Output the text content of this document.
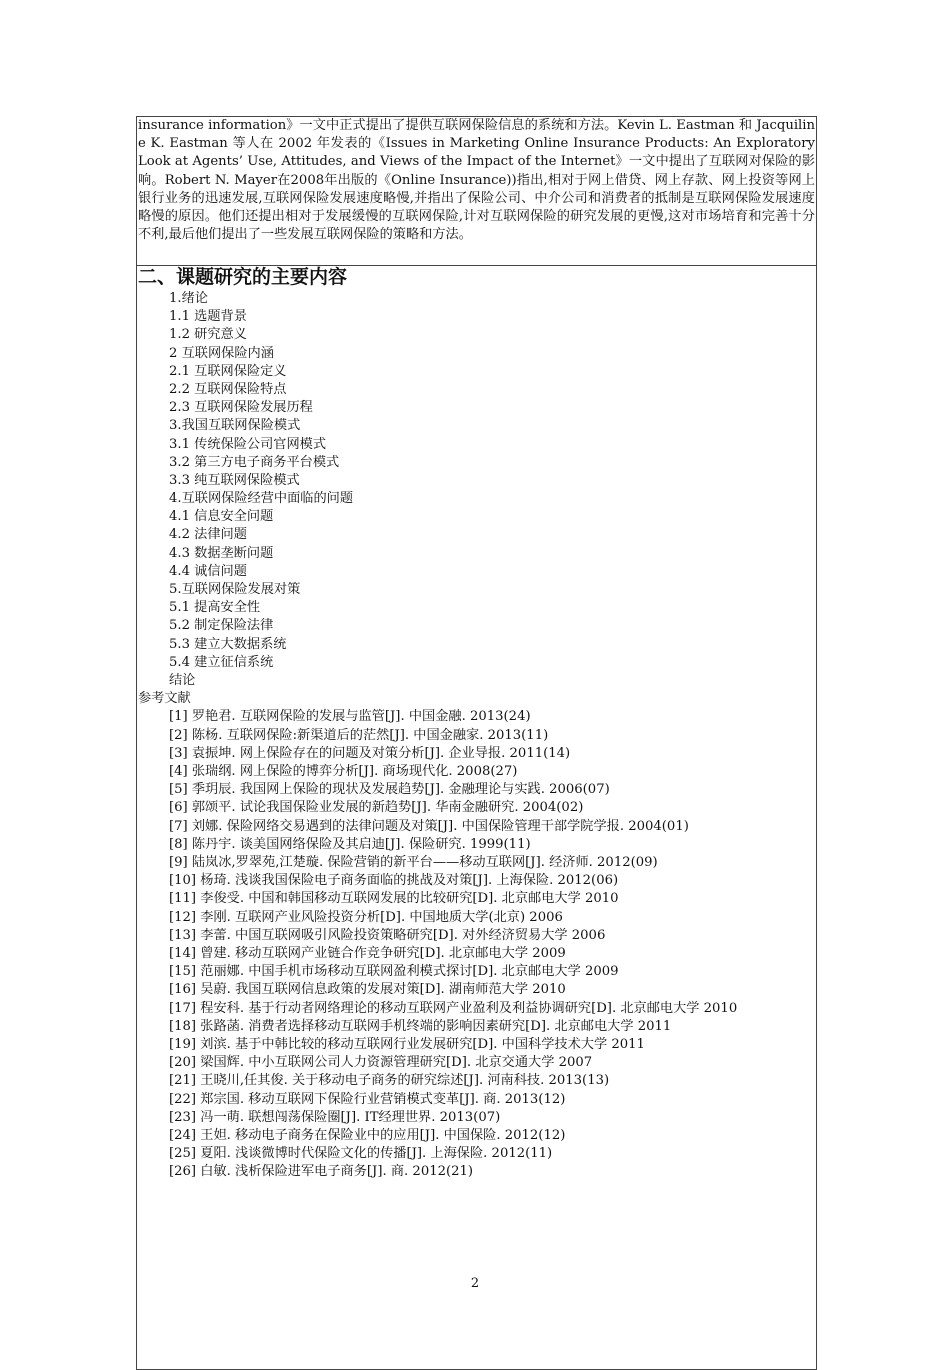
insurance information》一文中正式提出了提供互联网保险信息的系统和方法。Kevin L. Eastman 和 Jacquiline K. Eastman 等人在 2002 年发表的《Issues in Marketing Online Insurance Products: An Exploratory Look at Agents’ Use, Attitudes, and Views of the Impact of the Internet》一文中提出了互联网对保险的影响。Robert N. Mayer在2008年出版的《Online Insurance))指出,相对于网上借贷、网上存款、网上投资等网上银行业务的迅速发展,互联网保险发展速度略慢,并指出了保险公司、中介公司和消费者的抵制是互联网保险发展速度略慢的原因。他们还提出相对于发展缓慢的互联网保险,计对互联网保险的研究发展的更慢,这对市场培育和完善十分不利,最后他们提出了一些发展互联网保险的策略和方法。

二、课题研究的主要内容
1.绪论
1.1 选题背景
1.2 研究意义
2 互联网保险内涵
2.1 互联网保险定义
2.2 互联网保险特点
2.3 互联网保险发展历程
3.我国互联网保险模式
3.1 传统保险公司官网模式
3.2 第三方电子商务平台模式
3.3 纯互联网保险模式
4.互联网保险经营中面临的问题
4.1 信息安全问题
4.2 法律问题
4.3 数据垄断问题
4.4 诚信问题
5.互联网保险发展对策
5.1 提高安全性
5.2 制定保险法律
5.3 建立大数据系统
5.4 建立征信系统
结论
参考文献
[1] 罗艳君. 互联网保险的发展与监管[J]. 中国金融. 2013(24)
[2] 陈杨. 互联网保险:新渠道后的茫然[J]. 中国金融家. 2013(11)
[3] 袁振坤. 网上保险存在的问题及对策分析[J]. 企业导报. 2011(14)
[4] 张瑞纲. 网上保险的博弈分析[J]. 商场现代化. 2008(27)
[5] 季玥辰. 我国网上保险的现状及发展趋势[J]. 金融理论与实践. 2006(07)
[6] 郭颂平. 试论我国保险业发展的新趋势[J]. 华南金融研究. 2004(02)
[7] 刘娜. 保险网络交易遇到的法律问题及对策[J]. 中国保险管理干部学院学报. 2004(01)
[8] 陈丹宇. 谈美国网络保险及其启迪[J]. 保险研究. 1999(11)
[9] 陆岚冰,罗翠苑,江楚璇. 保险营销的新平台——移动互联网[J]. 经济师. 2012(09)
[10] 杨琦. 浅谈我国保险电子商务面临的挑战及对策[J]. 上海保险. 2012(06)
[11] 李俊受. 中国和韩国移动互联网发展的比较研究[D]. 北京邮电大学 2010
[12] 李刚. 互联网产业风险投资分析[D]. 中国地质大学(北京) 2006
[13] 李蕾. 中国互联网吸引风险投资策略研究[D]. 对外经济贸易大学 2006
[14] 曾建. 移动互联网产业链合作竞争研究[D]. 北京邮电大学 2009
[15] 范丽娜. 中国手机市场移动互联网盈利模式探讨[D]. 北京邮电大学 2009
[16] 吴蔚. 我国互联网信息政策的发展对策[D]. 湖南师范大学 2010
[17] 程安科. 基于行动者网络理论的移动互联网产业盈利及利益协调研究[D]. 北京邮电大学 2010
[18] 张路菡. 消费者选择移动互联网手机终端的影响因素研究[D]. 北京邮电大学 2011
[19] 刘滨. 基于中韩比较的移动互联网行业发展研究[D]. 中国科学技术大学 2011
[20] 梁国辉. 中小互联网公司人力资源管理研究[D]. 北京交通大学 2007
[21] 王晓川,任其俊. 关于移动电子商务的研究综述[J]. 河南科技. 2013(13)
[22] 郑宗国. 移动互联网下保险行业营销模式变革[J]. 商. 2013(12)
[23] 冯一萌. 联想闯荡保险圈[J]. IT经理世界. 2013(07)
[24] 王妲. 移动电子商务在保险业中的应用[J]. 中国保险. 2012(12)
[25] 夏阳. 浅谈微博时代保险文化的传播[J]. 上海保险. 2012(11)
[26] 白敏. 浅析保险进军电子商务[J]. 商. 2012(21)
2
